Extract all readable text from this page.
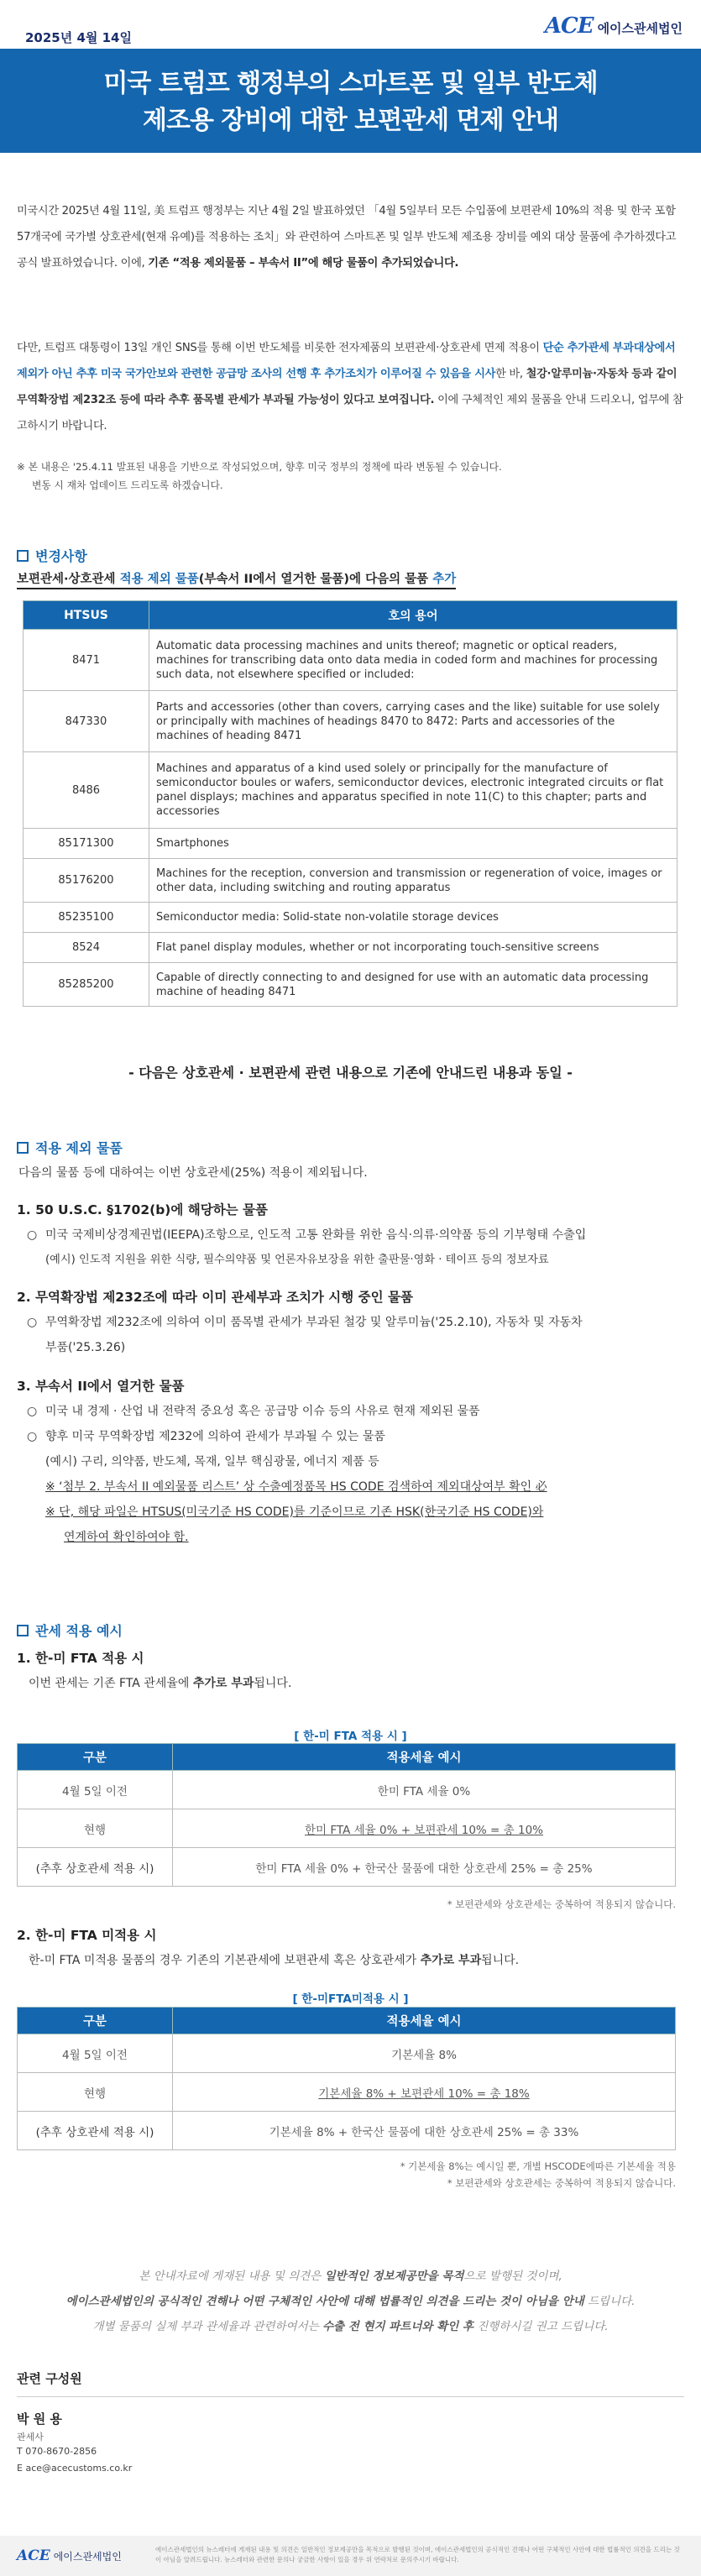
2025년 4월 14일	ACE 에이스관세법인
미국 트럼프 행정부의 스마트폰 및 일부 반도체
제조용 장비에 대한 보편관세 면제 안내
미국시간 2025년 4월 11일, 美 트럼프 행정부는 지난 4월 2일 발표하였던 「4월 5일부터 모든 수입품에 보편관세 10%의 적용 및 한국 포함 57개국에 국가별 상호관세(현재 유예)를 적용하는 조치」와 관련하여 스마트폰 및 일부 반도체 제조용 장비를 예외 대상 물품에 추가하겠다고 공식 발표하였습니다. 이에, 기존 “적용 제외물품 – 부속서 II”에 해당 물품이 추가되었습니다.
다만, 트럼프 대통령이 13일 개인 SNS를 통해 이번 반도체를 비롯한 전자제품의 보편관세·상호관세 면제 적용이 단순 추가관세 부과대상에서 제외가 아닌 추후 미국 국가안보와 관련한 공급망 조사의 선행 후 추가조치가 이루어질 수 있음을 시사한 바, 철강·알루미늄·자동차 등과 같이 무역확장법 제232조 등에 따라 추후 품목별 관세가 부과될 가능성이 있다고 보여집니다. 이에 구체적인 제외 물품을 안내 드리오니, 업무에 참고하시기 바랍니다.
※ 본 내용은 '25.4.11 발표된 내용을 기반으로 작성되었으며, 향후 미국 정부의 정책에 따라 변동될 수 있습니다.
변동 시 재차 업데이트 드리도록 하겠습니다.
변경사항
보편관세·상호관세 적용 제외 물품(부속서 II에서 열거한 물품)에 다음의 물품 추가
HTSUS	호의 용어
8471	Automatic data processing machines and units thereof; magnetic or optical readers, machines for transcribing data onto data media in coded form and machines for processing such data, not elsewhere specified or included:
847330	Parts and accessories (other than covers, carrying cases and the like) suitable for use solely or principally with machines of headings 8470 to 8472: Parts and accessories of the machines of heading 8471
8486	Machines and apparatus of a kind used solely or principally for the manufacture of semiconductor boules or wafers, semiconductor devices, electronic integrated circuits or flat panel displays; machines and apparatus specified in note 11(C) to this chapter; parts and accessories
85171300	Smartphones
85176200	Machines for the reception, conversion and transmission or regeneration of voice, images or other data, including switching and routing apparatus
85235100	Semiconductor media: Solid-state non-volatile storage devices
8524	Flat panel display modules, whether or not incorporating touch-sensitive screens
85285200	Capable of directly connecting to and designed for use with an automatic data processing machine of heading 8471
- 다음은 상호관세 · 보편관세 관련 내용으로 기존에 안내드린 내용과 동일 -
적용 제외 물품
다음의 물품 등에 대하여는 이번 상호관세(25%) 적용이 제외됩니다.
1. 50 U.S.C. §1702(b)에 해당하는 물품
○ 미국 국제비상경제권법(IEEPA)조항으로, 인도적 고통 완화를 위한 음식·의류·의약품 등의 기부형태 수출입
(예시) 인도적 지원을 위한 식량, 필수의약품 및 언론자유보장을 위한 출판물·영화 · 테이프 등의 정보자료
2. 무역확장법 제232조에 따라 이미 관세부과 조치가 시행 중인 물품
○ 무역확장법 제232조에 의하여 이미 품목별 관세가 부과된 철강 및 알루미늄('25.2.10), 자동차 및 자동차
부품('25.3.26)
3. 부속서 II에서 열거한 물품
○ 미국 내 경제 · 산업 내 전략적 중요성 혹은 공급망 이슈 등의 사유로 현재 제외된 물품
○ 향후 미국 무역확장법 제232에 의하여 관세가 부과될 수 있는 물품
(예시) 구리, 의약품, 반도체, 목재, 일부 핵심광물, 에너지 제품 등
※ ‘첨부 2. 부속서 II 예외물품 리스트’ 상 수출예정품목 HS CODE 검색하여 제외대상여부 확인 必
※ 단, 해당 파일은 HTSUS(미국기준 HS CODE)를 기준이므로 기존 HSK(한국기준 HS CODE)와
연계하여 확인하여야 함.
관세 적용 예시
1. 한-미 FTA 적용 시
이번 관세는 기존 FTA 관세율에 추가로 부과됩니다.
[ 한-미 FTA 적용 시 ]
구분	적용세율 예시
4월 5일 이전	한미 FTA 세율 0%
현행	한미 FTA 세율 0% + 보편관세 10% = 총 10%
(추후 상호관세 적용 시)	한미 FTA 세율 0% + 한국산 물품에 대한 상호관세 25% = 총 25%
* 보편관세와 상호관세는 중복하여 적용되지 않습니다.
2. 한-미 FTA 미적용 시
한-미 FTA 미적용 물품의 경우 기존의 기본관세에 보편관세 혹은 상호관세가 추가로 부과됩니다.
[ 한-미FTA미적용 시 ]
구분	적용세율 예시
4월 5일 이전	기본세율 8%
현행	기본세율 8% + 보편관세 10% = 총 18%
(추후 상호관세 적용 시)	기본세율 8% + 한국산 물품에 대한 상호관세 25% = 총 33%
* 기본세율 8%는 예시일 뿐, 개별 HSCODE에따른 기본세율 적용
* 보편관세와 상호관세는 중복하여 적용되지 않습니다.
본 안내자료에 게재된 내용 및 의견은 일반적인 정보제공만을 목적으로 발행된 것이며,
에이스관세법인의 공식적인 견해나 어떤 구체적인 사안에 대해 법률적인 의견을 드리는 것이 아님을 안내 드립니다.
개별 물품의 실제 부과 관세율과 관련하여서는 수출 전 현지 파트너와 확인 후 진행하시길 권고 드립니다.
관련 구성원
박 원 용
관세사
T 070-8670-2856
E ace@acecustoms.co.kr
ACE 에이스관세법인
에이스관세법인의 뉴스레터에 게재된 내용 및 의견은 일반적인 정보제공만을 목적으로 발행된 것이며, 에이스관세법인의 공식적인 견해나 어떤 구체적인 사안에 대한 법률적인 의견을 드리는 것이 아님을 알려드립니다. 뉴스레터와 관련한 문의나 궁금한 사항이 있을 경우 위 연락처로 문의주시기 바랍니다.
